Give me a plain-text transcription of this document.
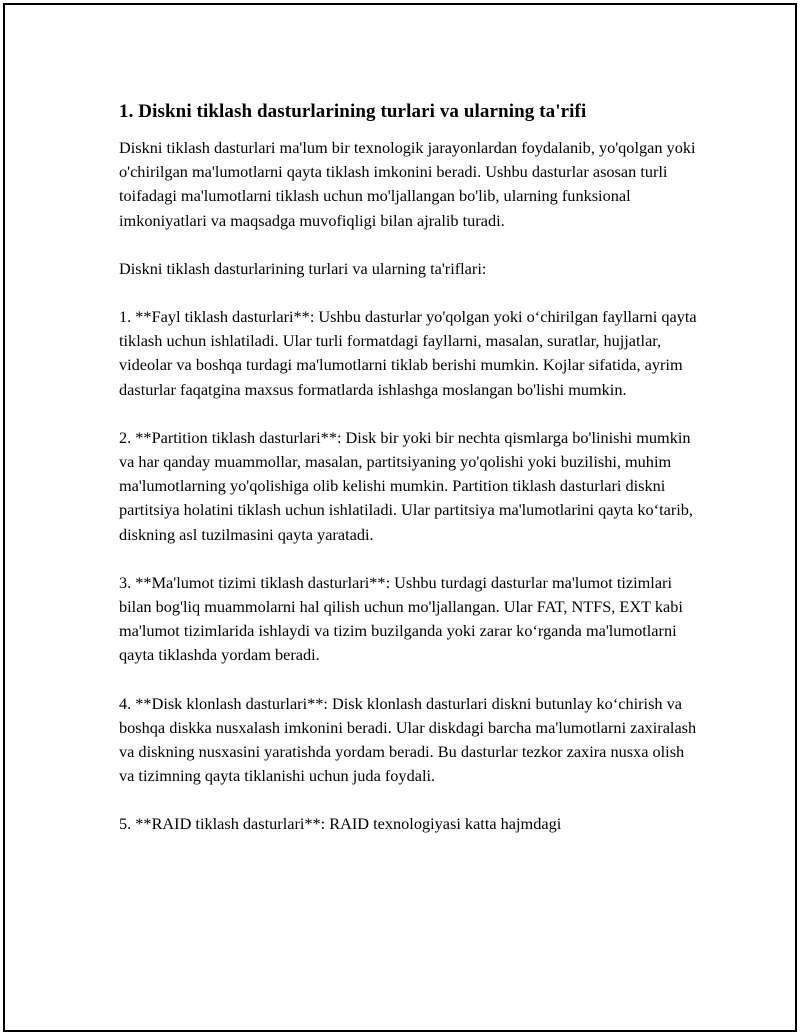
1. Diskni tiklash dasturlarining turlari va ularning ta'rifi

Diskni tiklash dasturlari ma'lum bir texnologik jarayonlardan foydalanib, yo'qolgan yoki o'chirilgan ma'lumotlarni qayta tiklash imkonini beradi. Ushbu dasturlar asosan turli toifadagi ma'lumotlarni tiklash uchun mo'ljallangan bo'lib, ularning funksional imkoniyatlari va maqsadga muvofiqligi bilan ajralib turadi.

Diskni tiklash dasturlarining turlari va ularning ta'riflari:

1. **Fayl tiklash dasturlari**: Ushbu dasturlar yo'qolgan yoki o‘chirilgan fayllarni qayta tiklash uchun ishlatiladi. Ular turli formatdagi fayllarni, masalan, suratlar, hujjatlar, videolar va boshqa turdagi ma'lumotlarni tiklab berishi mumkin. Kojlar sifatida, ayrim dasturlar faqatgina maxsus formatlarda ishlashga moslangan bo'lishi mumkin.

2. **Partition tiklash dasturlari**: Disk bir yoki bir nechta qismlarga bo'linishi mumkin va har qanday muammollar, masalan, partitsiyaning yo'qolishi yoki buzilishi, muhim ma'lumotlarning yo'qolishiga olib kelishi mumkin. Partition tiklash dasturlari diskni partitsiya holatini tiklash uchun ishlatiladi. Ular partitsiya ma'lumotlarini qayta ko‘tarib, diskning asl tuzilmasini qayta yaratadi.

3. **Ma'lumot tizimi tiklash dasturlari**: Ushbu turdagi dasturlar ma'lumot tizimlari bilan bog'liq muammolarni hal qilish uchun mo'ljallangan. Ular FAT, NTFS, EXT kabi ma'lumot tizimlarida ishlaydi va tizim buzilganda yoki zarar ko‘rganda ma'lumotlarni qayta tiklashda yordam beradi.

4. **Disk klonlash dasturlari**: Disk klonlash dasturlari diskni butunlay ko‘chirish va boshqa diskka nusxalash imkonini beradi. Ular diskdagi barcha ma'lumotlarni zaxiralash va diskning nusxasini yaratishda yordam beradi. Bu dasturlar tezkor zaxira nusxa olish va tizimning qayta tiklanishi uchun juda foydali.

5. **RAID tiklash dasturlari**: RAID texnologiyasi katta hajmdagi
